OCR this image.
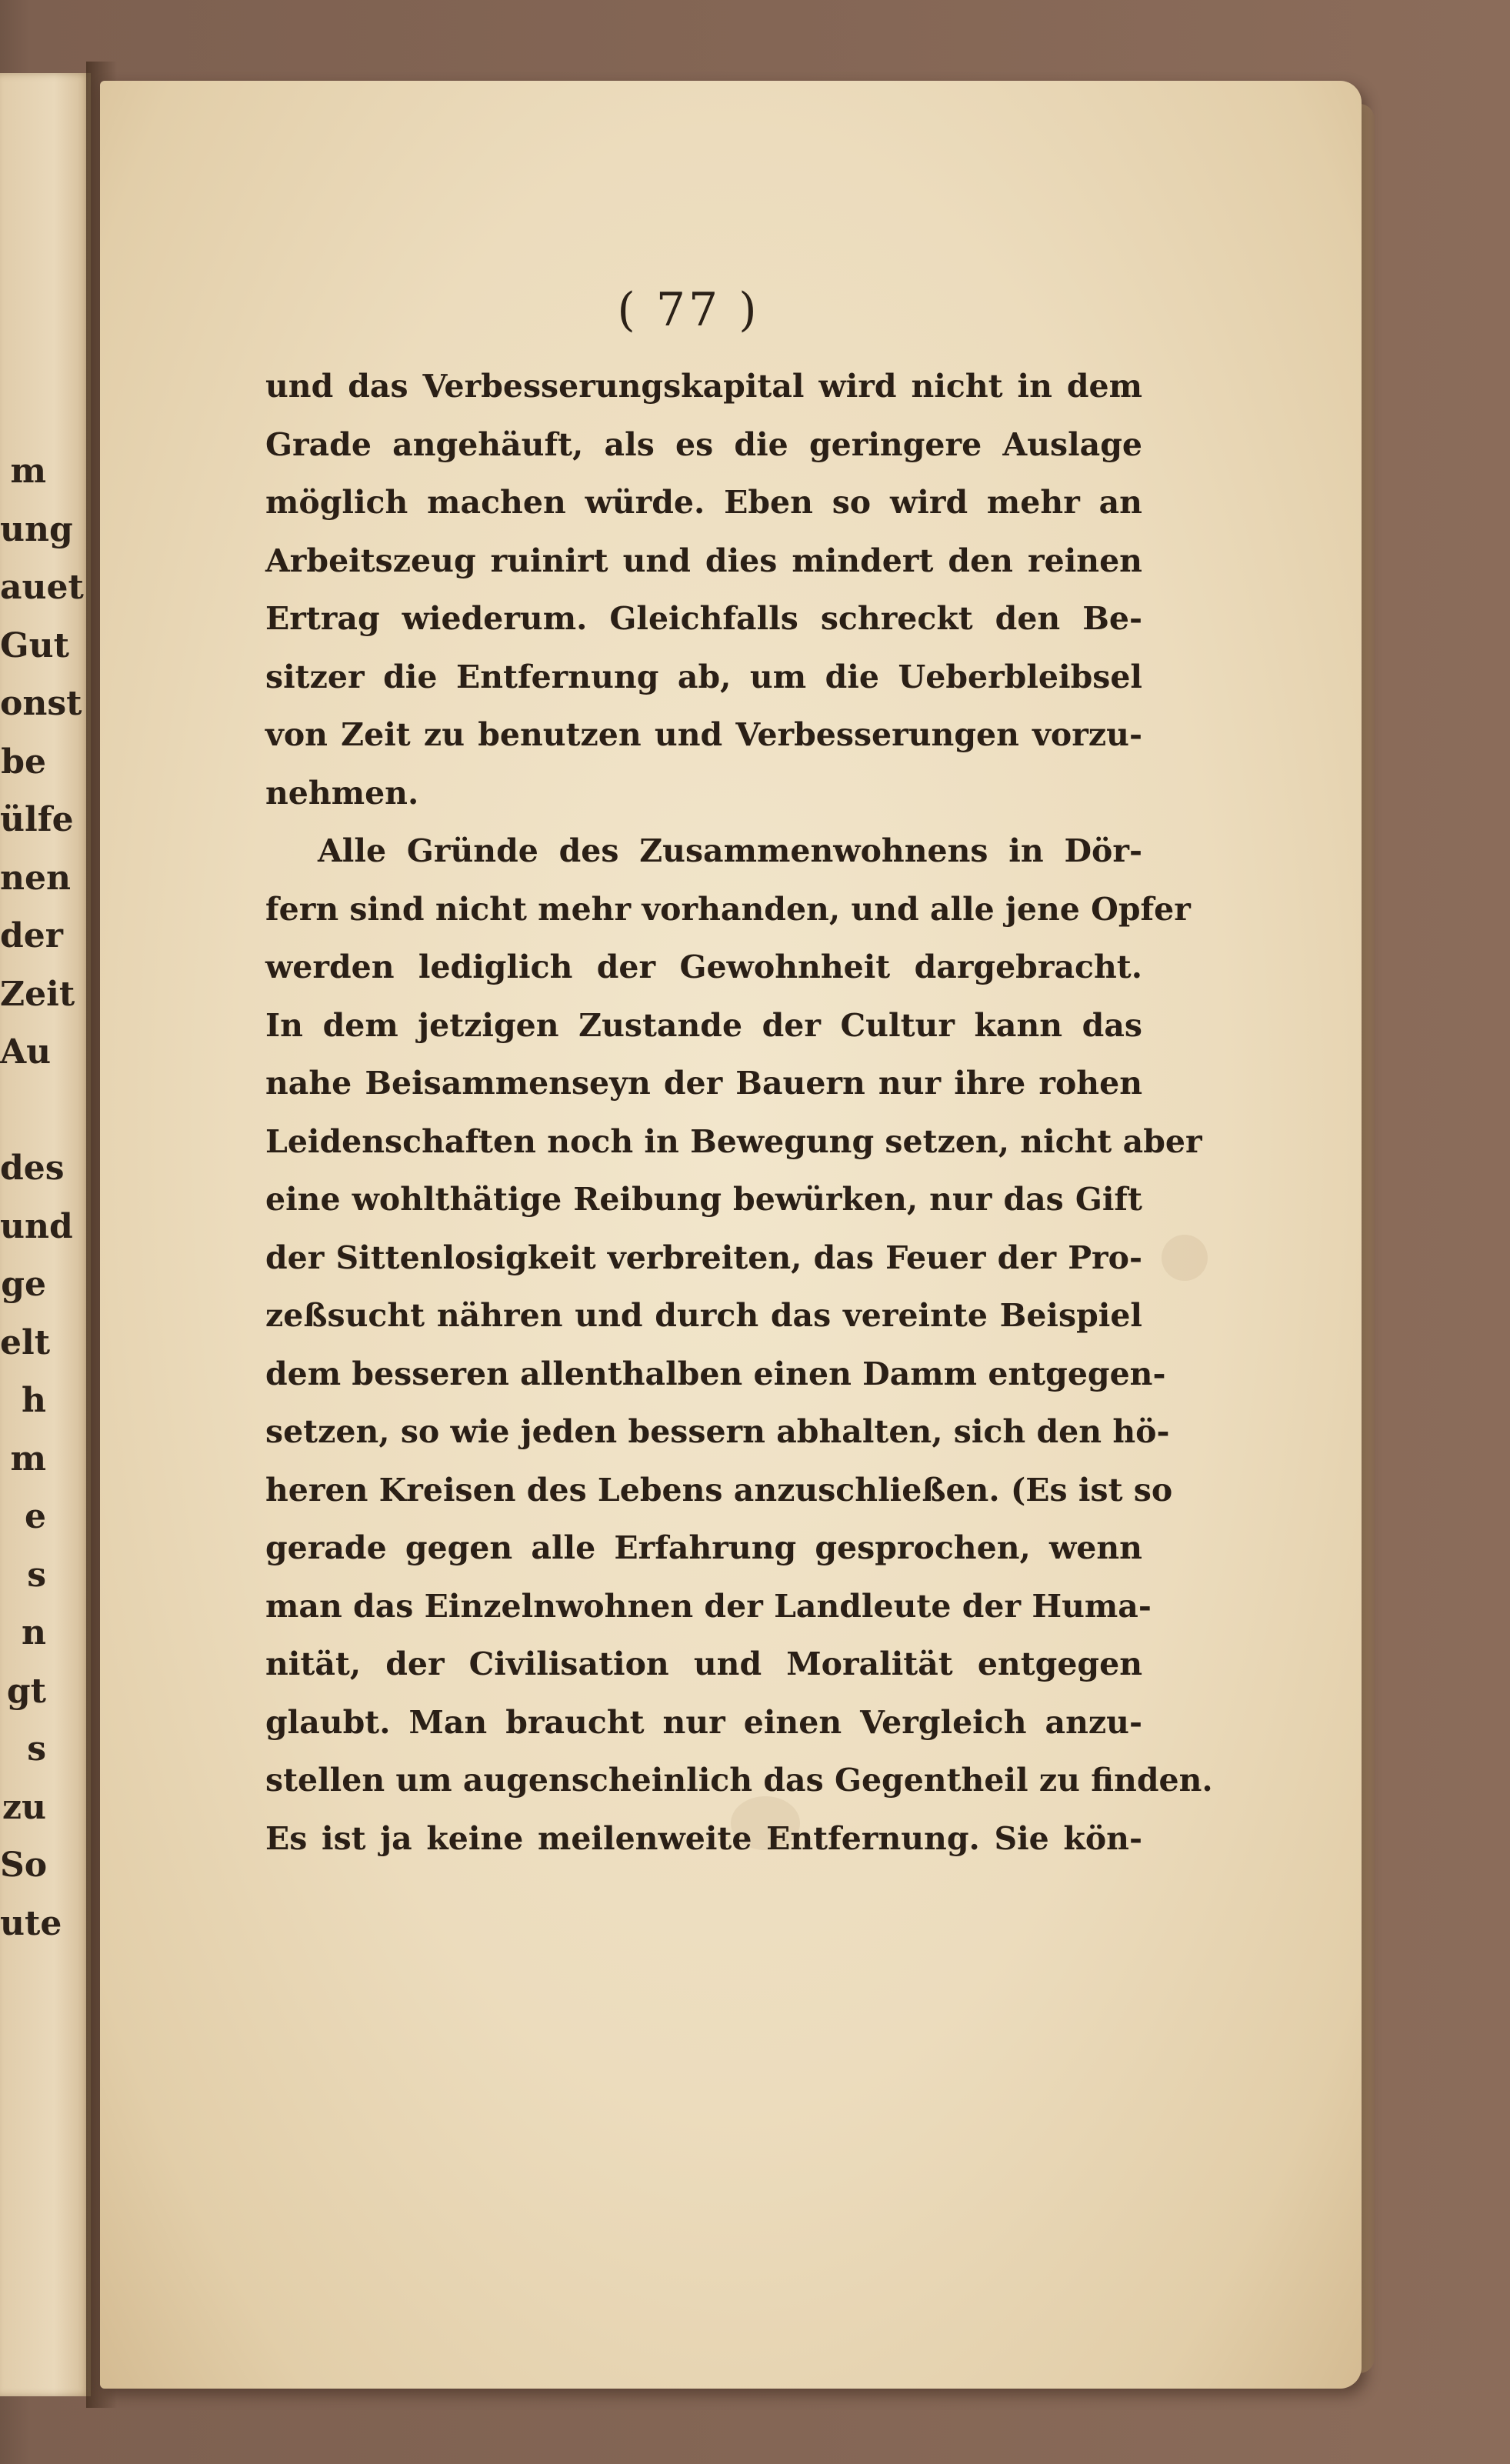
m
ung
auet
Gut
onst
be
ülfe
nen
der
Zeit
Au
des
und
ge
elt
h
m
e
s
n
gt
s
zu
So
ute
( 77 )
und das Verbesserungskapital wird nicht in dem
Grade angehäuft, als es die geringere Auslage
möglich machen würde. Eben so wird mehr an
Arbeitszeug ruinirt und dies mindert den reinen
Ertrag wiederum. Gleichfalls schreckt den Be-
sitzer die Entfernung ab, um die Ueberbleibsel
von Zeit zu benutzen und Verbesserungen vorzu-
nehmen.
Alle Gründe des Zusammenwohnens in Dör-
fern sind nicht mehr vorhanden, und alle jene Opfer
werden lediglich der Gewohnheit dargebracht.
In dem jetzigen Zustande der Cultur kann das
nahe Beisammenseyn der Bauern nur ihre rohen
Leidenschaften noch in Bewegung setzen, nicht aber
eine wohlthätige Reibung bewürken, nur das Gift
der Sittenlosigkeit verbreiten, das Feuer der Pro-
zeßsucht nähren und durch das vereinte Beispiel
dem besseren allenthalben einen Damm entgegen-
setzen, so wie jeden bessern abhalten, sich den hö-
heren Kreisen des Lebens anzuschließen. (Es ist so
gerade gegen alle Erfahrung gesprochen, wenn
man das Einzelnwohnen der Landleute der Huma-
nität, der Civilisation und Moralität entgegen
glaubt. Man braucht nur einen Vergleich anzu-
stellen um augenscheinlich das Gegentheil zu finden.
Es ist ja keine meilenweite Entfernung. Sie kön-
